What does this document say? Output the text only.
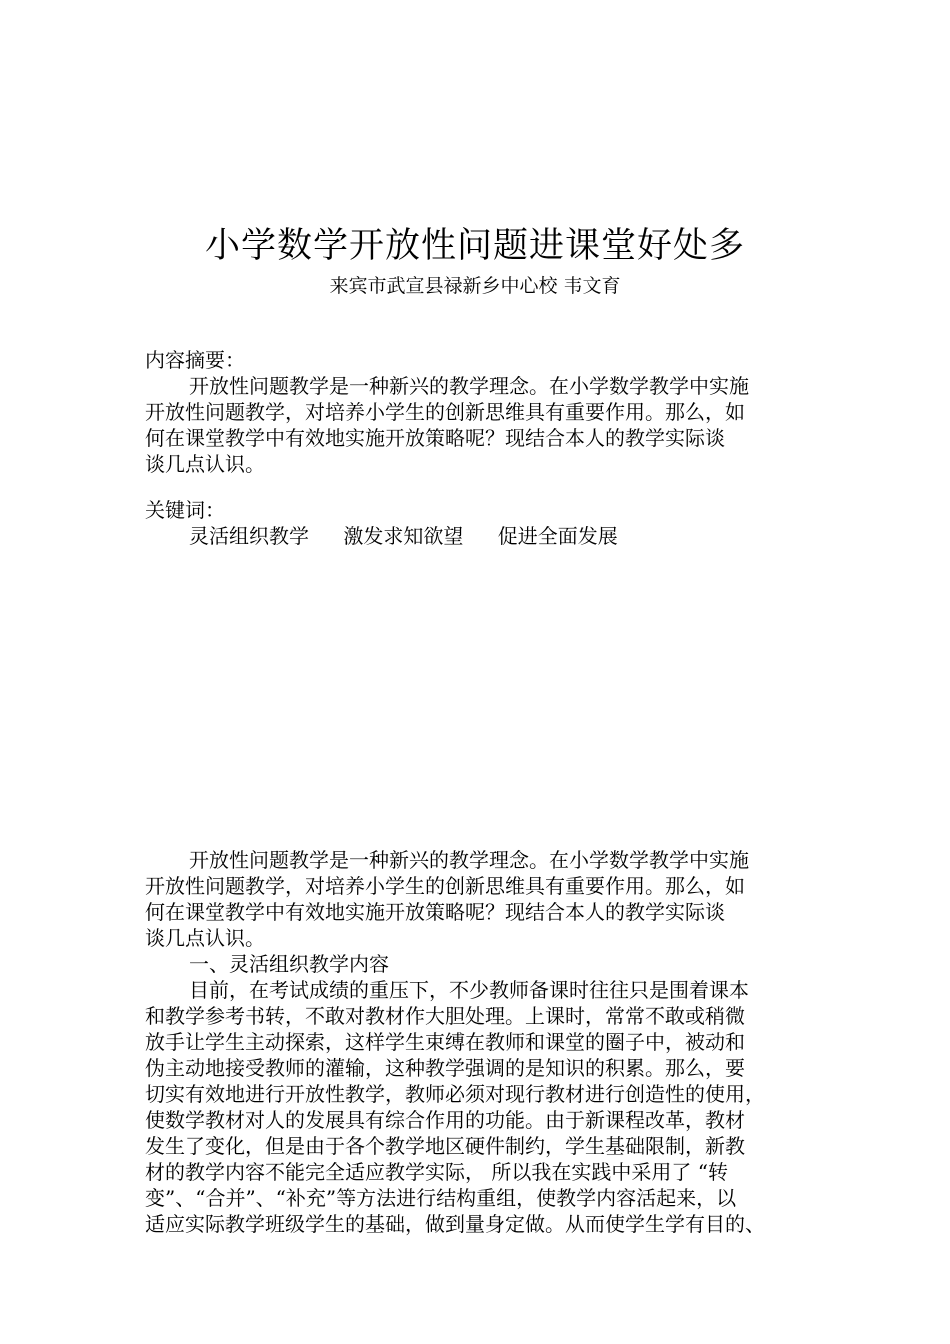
小学数学开放性问题进课堂好处多
来宾市武宣县禄新乡中心校 韦文育
内容摘要：
开放性问题教学是一种新兴的教学理念。在小学数学教学中实施
开放性问题教学，对培养小学生的创新思维具有重要作用。那么，如
何在课堂教学中有效地实施开放策略呢？现结合本人的教学实际谈
谈几点认识。
关键词：
灵活组织教学 激发求知欲望 促进全面发展
开放性问题教学是一种新兴的教学理念。在小学数学教学中实施
开放性问题教学，对培养小学生的创新思维具有重要作用。那么，如
何在课堂教学中有效地实施开放策略呢？现结合本人的教学实际谈
谈几点认识。
一、灵活组织教学内容
目前，在考试成绩的重压下，不少教师备课时往往只是围着课本
和教学参考书转，不敢对教材作大胆处理。上课时，常常不敢或稍微
放手让学生主动探索，这样学生束缚在教师和课堂的圈子中，被动和
伪主动地接受教师的灌输，这种教学强调的是知识的积累。那么，要
切实有效地进行开放性教学，教师必须对现行教材进行创造性的使用，
使数学教材对人的发展具有综合作用的功能。由于新课程改革，教材
发生了变化，但是由于各个教学地区硬件制约，学生基础限制，新教
材的教学内容不能完全适应教学实际， 所以我在实践中采用了 “转
变”、“合并”、“补充”等方法进行结构重组，使教学内容活起来，以
适应实际教学班级学生的基础，做到量身定做。从而使学生学有目的、
